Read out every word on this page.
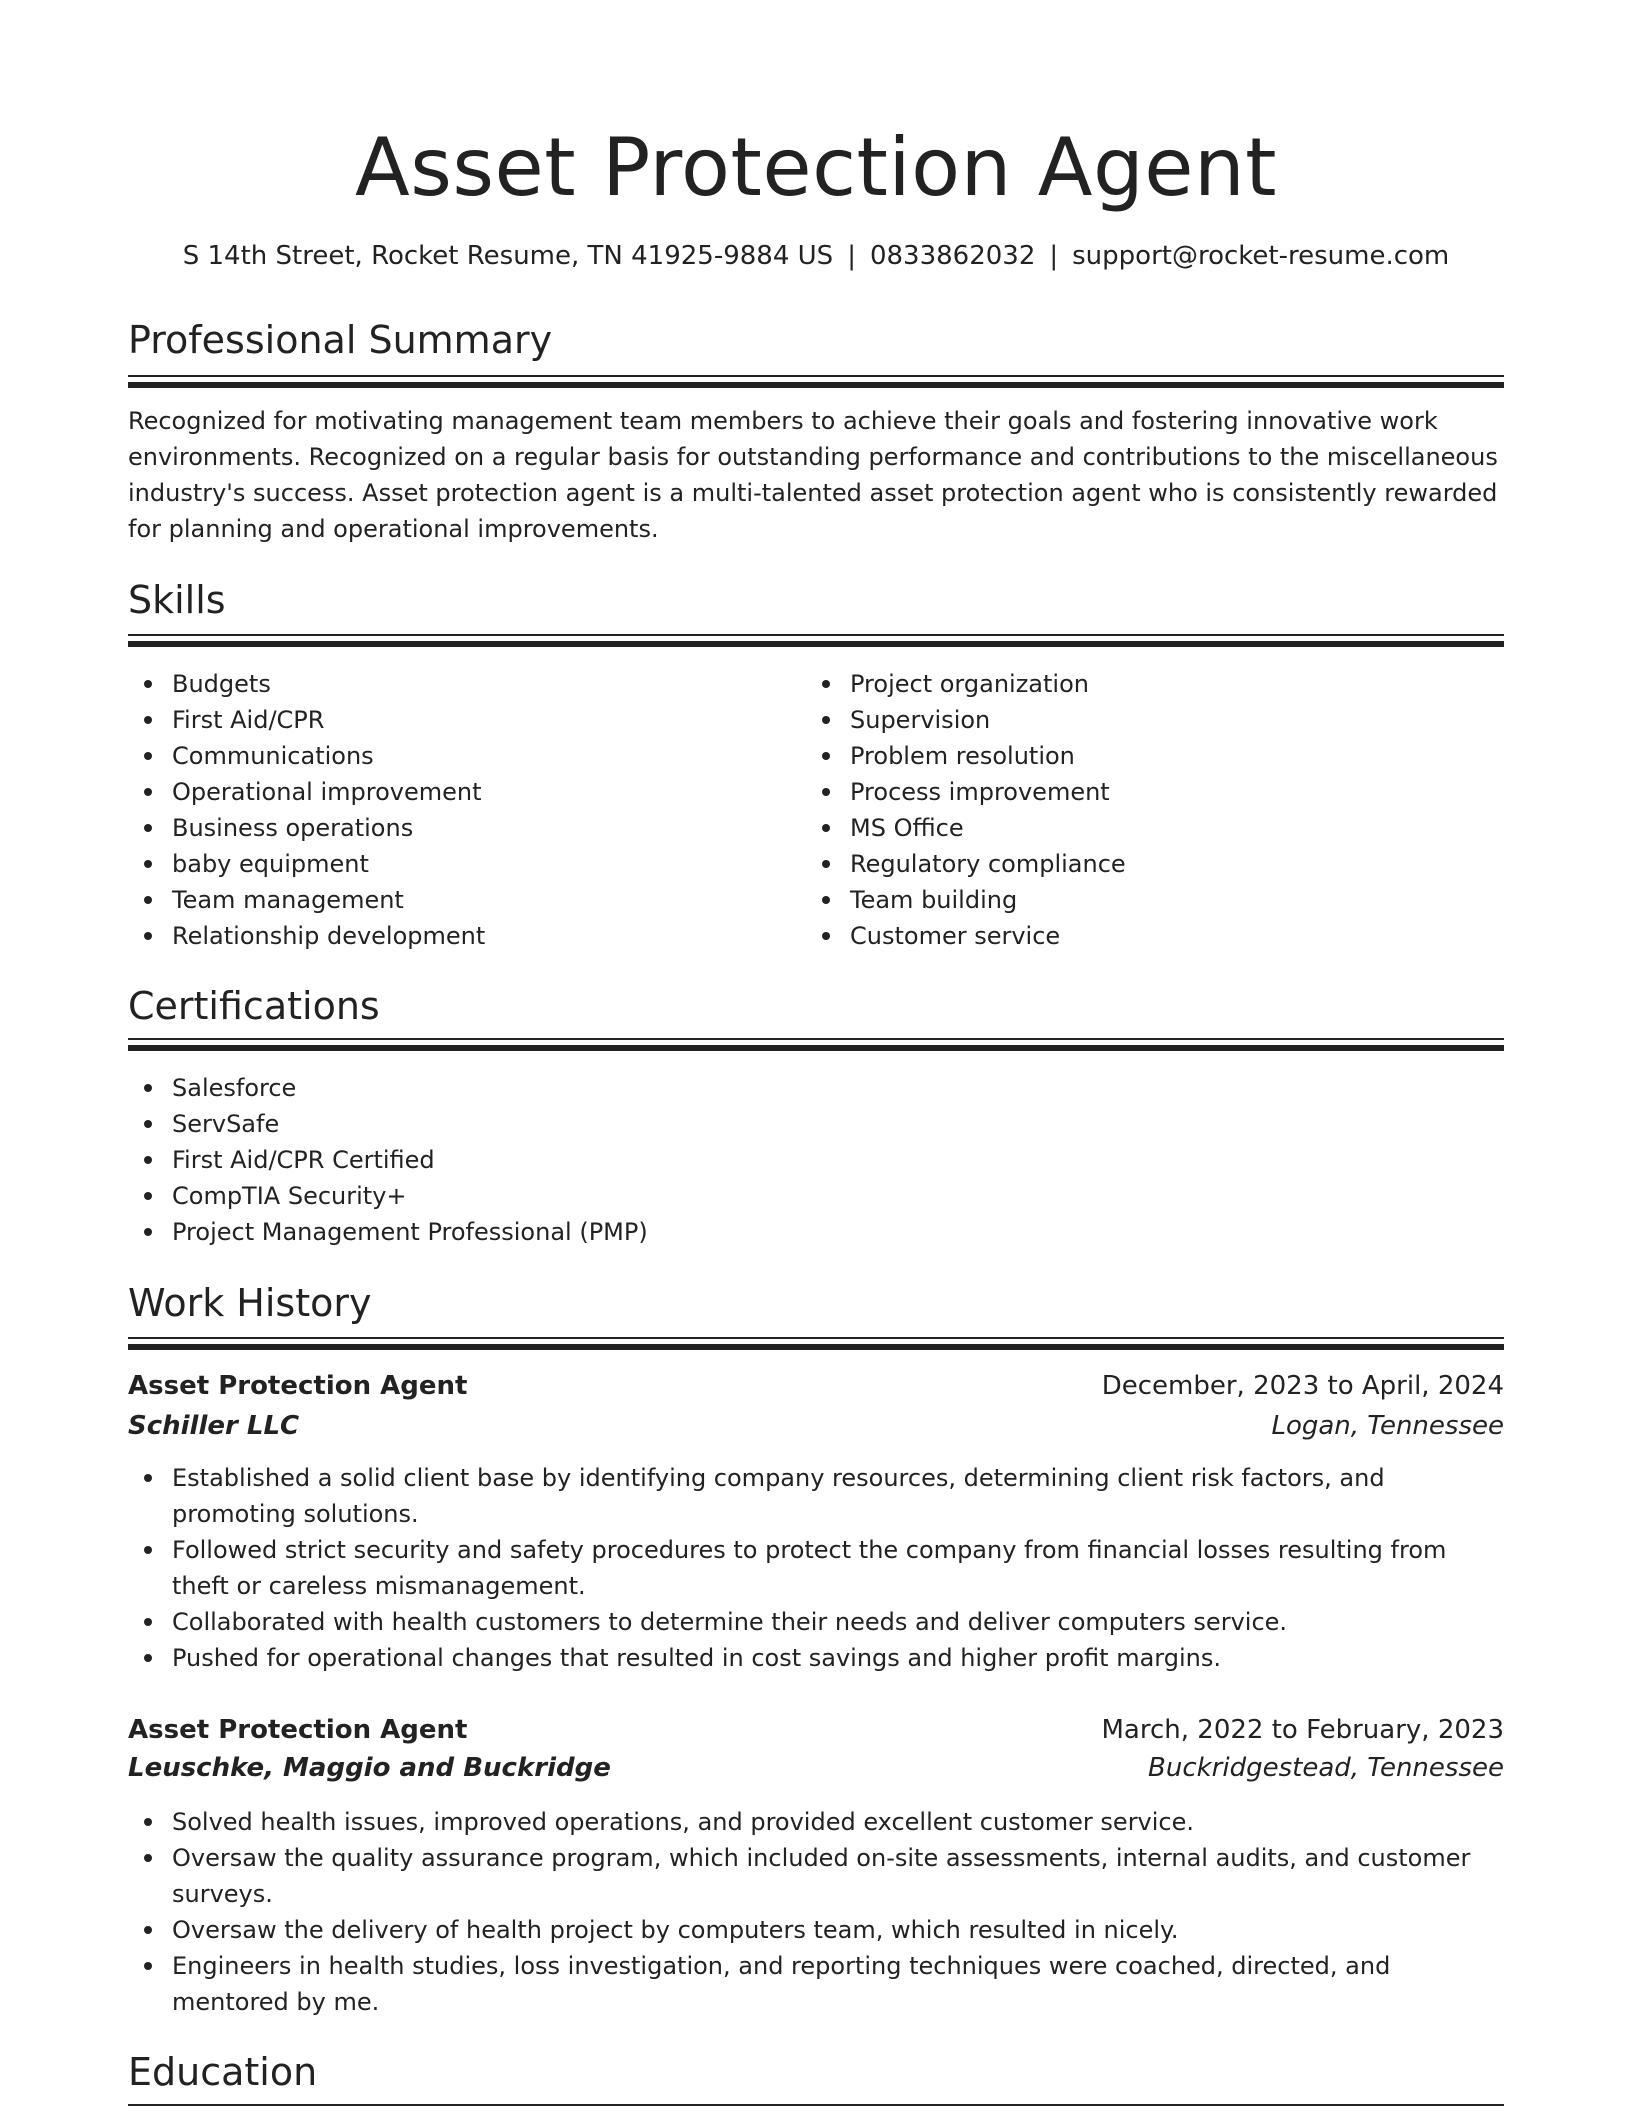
Asset Protection Agent
S 14th Street, Rocket Resume, TN 41925-9884 US | 0833862032 | support@rocket-resume.com
Professional Summary

Recognized for motivating management team members to achieve their goals and fostering innovative work environments. Recognized on a regular basis for outstanding performance and contributions to the miscellaneous industry's success. Asset protection agent is a multi-talented asset protection agent who is consistently rewarded for planning and operational improvements.

Skills
Budgets
First Aid/CPR
Communications
Operational improvement
Business operations
baby equipment
Team management
Relationship development
Project organization
Supervision
Problem resolution
Process improvement
MS Office
Regulatory compliance
Team building
Customer service
Certifications
Salesforce
ServSafe
First Aid/CPR Certified
CompTIA Security+
Project Management Professional (PMP)
Work History
Asset Protection Agent	December, 2023 to April, 2024
Schiller LLC	Logan, Tennessee
Established a solid client base by identifying company resources, determining client risk factors, and promoting solutions.
Followed strict security and safety procedures to protect the company from financial losses resulting from theft or careless mismanagement.
Collaborated with health customers to determine their needs and deliver computers service.
Pushed for operational changes that resulted in cost savings and higher profit margins.
Asset Protection Agent	March, 2022 to February, 2023
Leuschke, Maggio and Buckridge	Buckridgestead, Tennessee
Solved health issues, improved operations, and provided excellent customer service.
Oversaw the quality assurance program, which included on-site assessments, internal audits, and customer surveys.
Oversaw the delivery of health project by computers team, which resulted in nicely.
Engineers in health studies, loss investigation, and reporting techniques were coached, directed, and mentored by me.
Education
